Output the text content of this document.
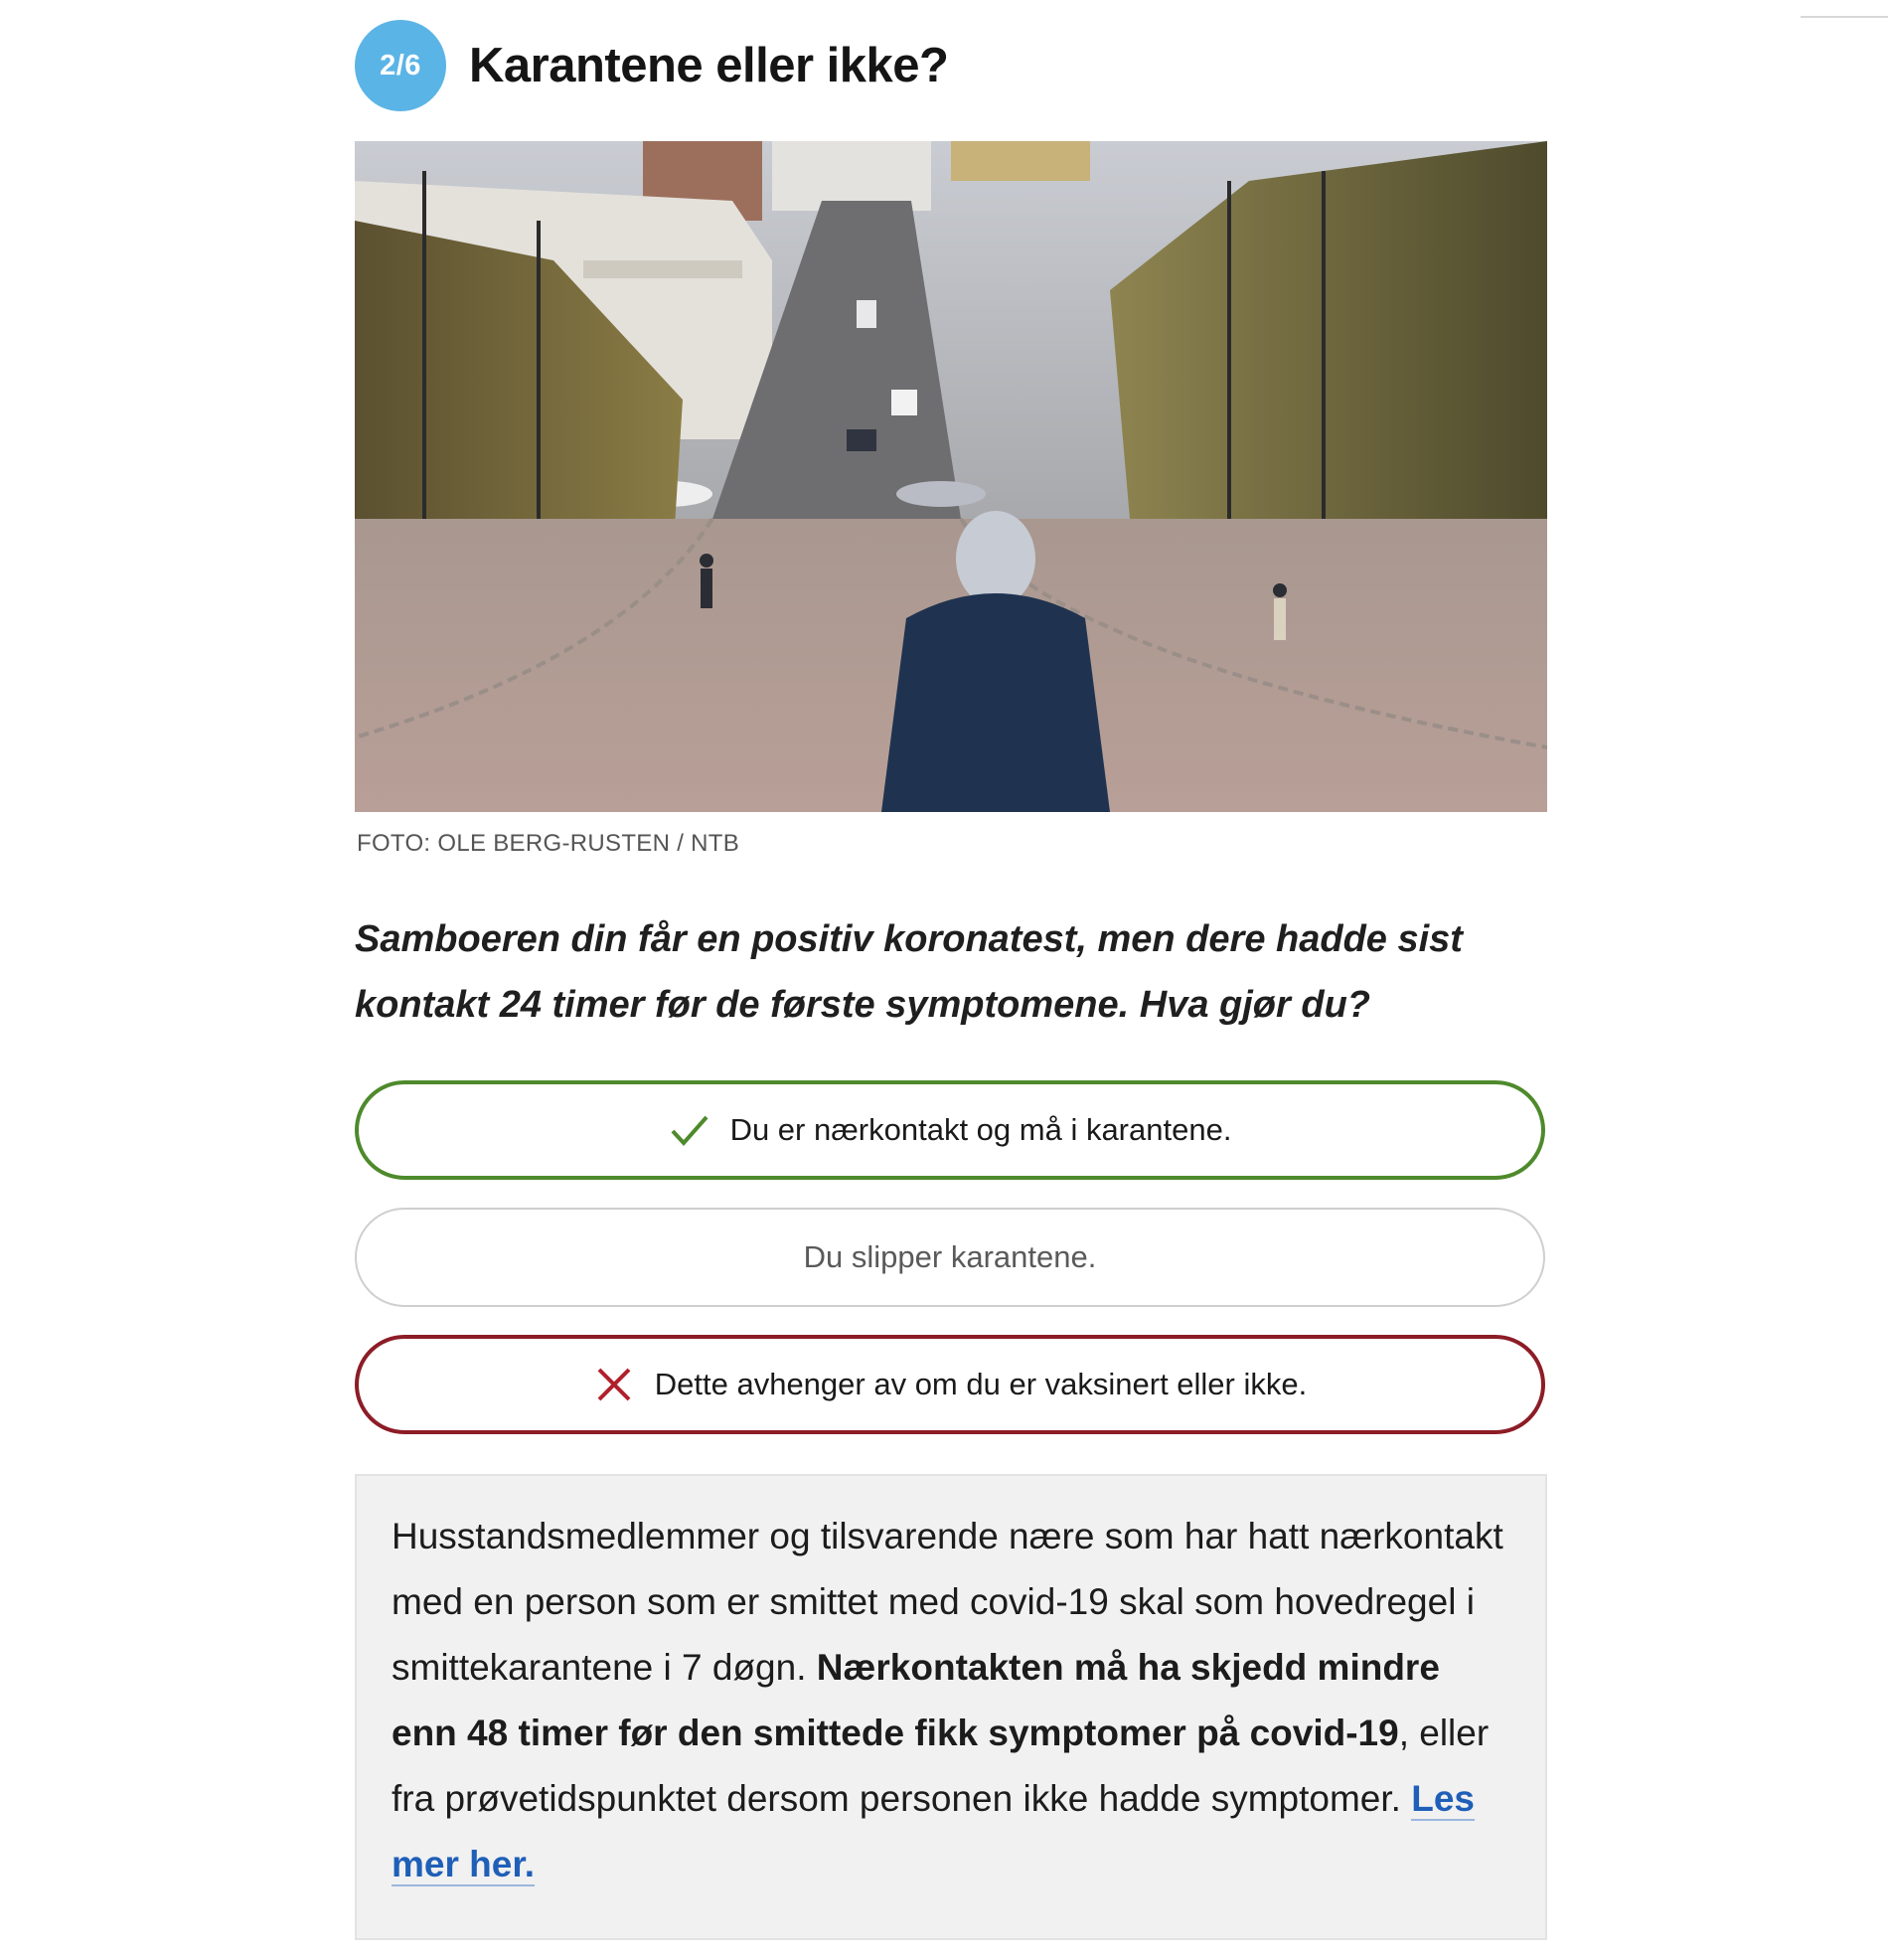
2/6 Karantene eller ikke?
FOTO: OLE BERG-RUSTEN / NTB

Samboeren din får en positiv koronatest, men dere hadde sist kontakt 24 timer før de første symptomene. Hva gjør du?

Du er nærkontakt og må i karantene.
Du slipper karantene.
Dette avhenger av om du er vaksinert eller ikke.

Husstandsmedlemmer og tilsvarende nære som har hatt nærkontakt med en person som er smittet med covid-19 skal som hovedregel i smittekarantene i 7 døgn. Nærkontakten må ha skjedd mindre enn 48 timer før den smittede fikk symptomer på covid-19, eller fra prøvetidspunktet dersom personen ikke hadde symptomer. Les mer her.
